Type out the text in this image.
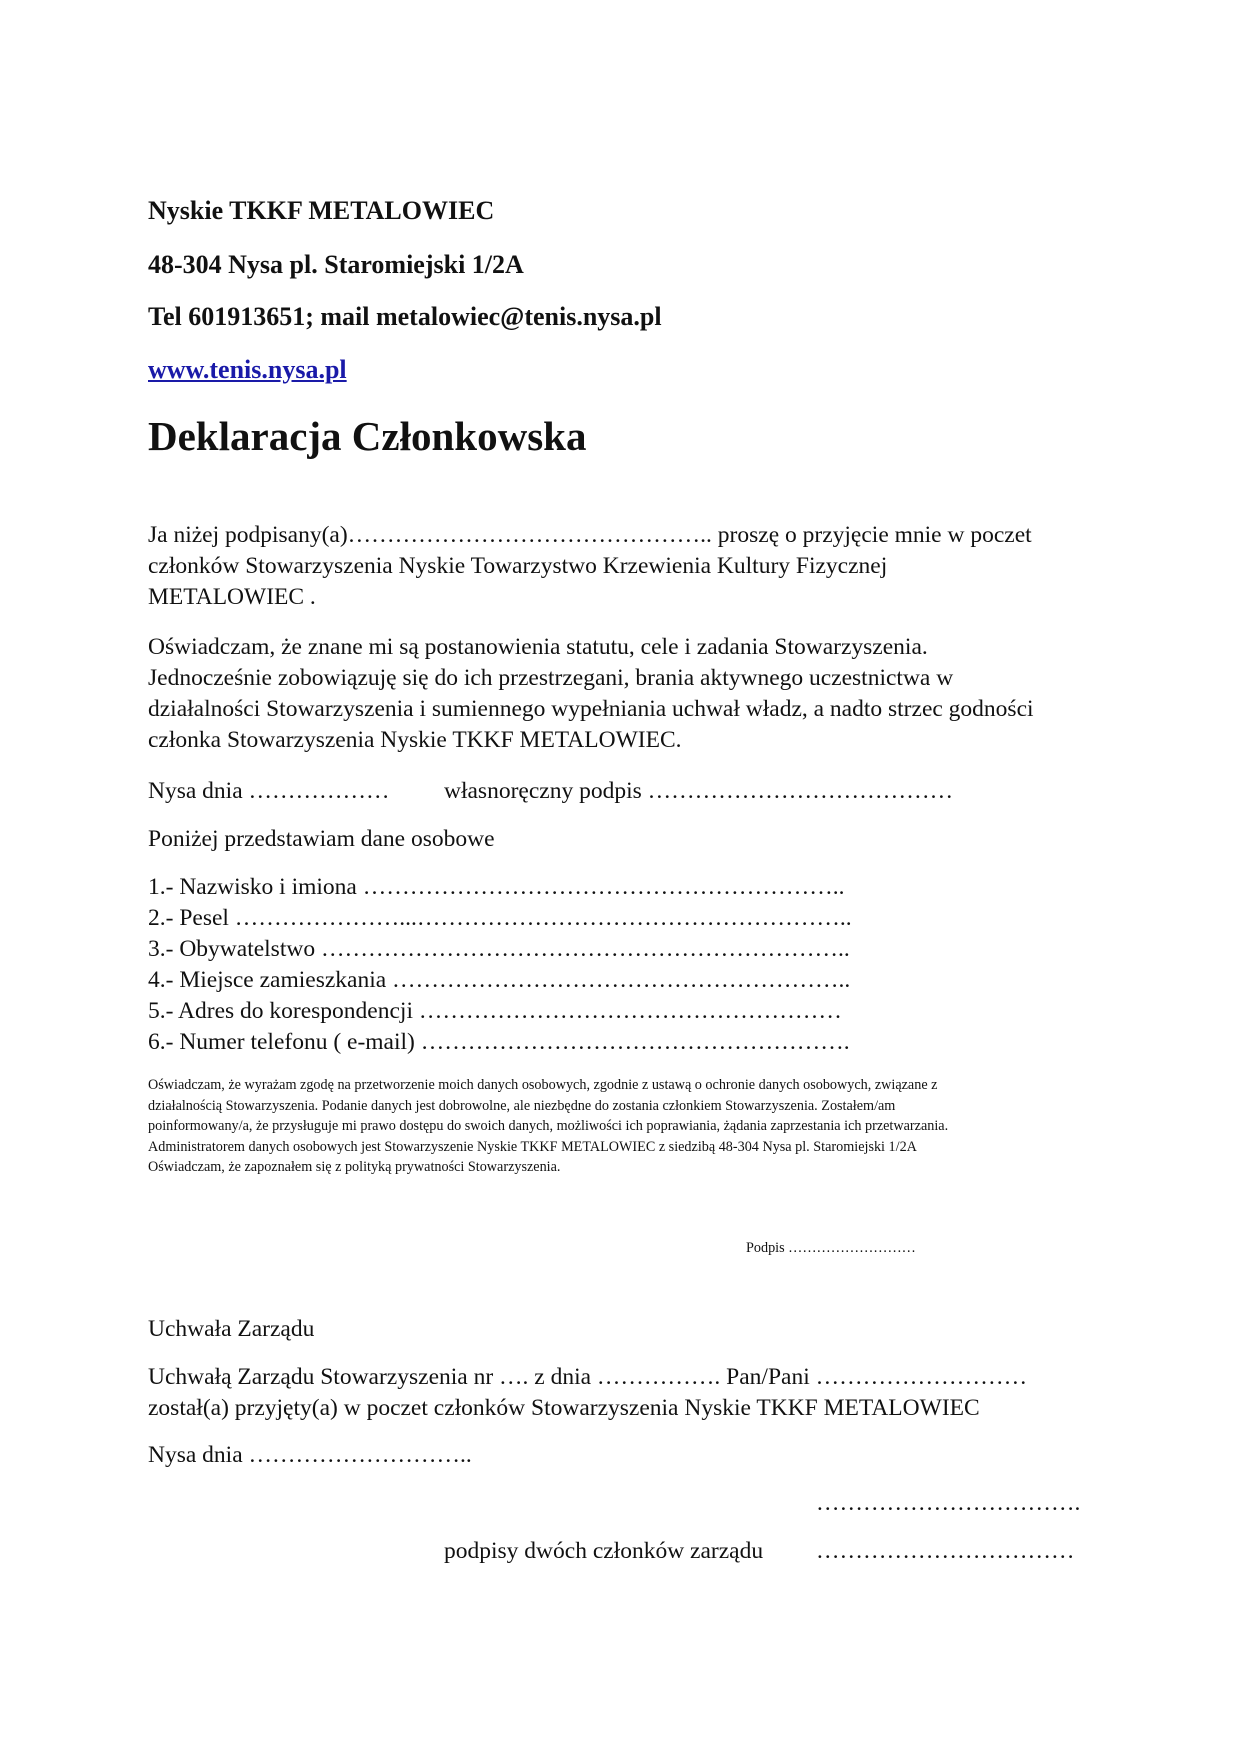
Nyskie TKKF METALOWIEC
48-304 Nysa pl. Staromiejski 1/2A
Tel 601913651; mail metalowiec@tenis.nysa.pl
www.tenis.nysa.pl
Deklaracja Członkowska
Ja niżej podpisany(a)……………………………………….. proszę o przyjęcie mnie w poczet
członków Stowarzyszenia Nyskie Towarzystwo Krzewienia Kultury Fizycznej
METALOWIEC .
Oświadczam, że znane mi są postanowienia statutu, cele i zadania Stowarzyszenia.
Jednocześnie zobowiązuję się do ich przestrzegani, brania aktywnego uczestnictwa w
działalności Stowarzyszenia i sumiennego wypełniania uchwał władz, a nadto strzec godności
członka Stowarzyszenia Nyskie TKKF METALOWIEC.
Nysa dnia ……………… własnoręczny podpis …………………………………
Poniżej przedstawiam dane osobowe
1.- Nazwisko i imiona ……………………………………………………..
2.- Pesel …………………...………………………………………………..
3.- Obywatelstwo …………………………………………………………..
4.- Miejsce zamieszkania …………………………………………………..
5.- Adres do korespondencji ………………………………………………
6.- Numer telefonu ( e-mail) ……………………………………………….
Oświadczam, że wyrażam zgodę na przetworzenie moich danych osobowych, zgodnie z ustawą o ochronie danych osobowych, związane z
działalnością Stowarzyszenia. Podanie danych jest dobrowolne, ale niezbędne do zostania członkiem Stowarzyszenia. Zostałem/am
poinformowany/a, że przysługuje mi prawo dostępu do swoich danych, możliwości ich poprawiania, żądania zaprzestania ich przetwarzania.
Administratorem danych osobowych jest Stowarzyszenie Nyskie TKKF METALOWIEC z siedzibą 48-304 Nysa pl. Staromiejski 1/2A
Oświadczam, że zapoznałem się z polityką prywatności Stowarzyszenia.
Podpis ………………………
Uchwała Zarządu
Uchwałą Zarządu Stowarzyszenia nr …. z dnia ……………. Pan/Pani ………………………
został(a) przyjęty(a) w poczet członków Stowarzyszenia Nyskie TKKF METALOWIEC
Nysa dnia ………………………..
…………………………….
podpisy dwóch członków zarządu ……………………………
